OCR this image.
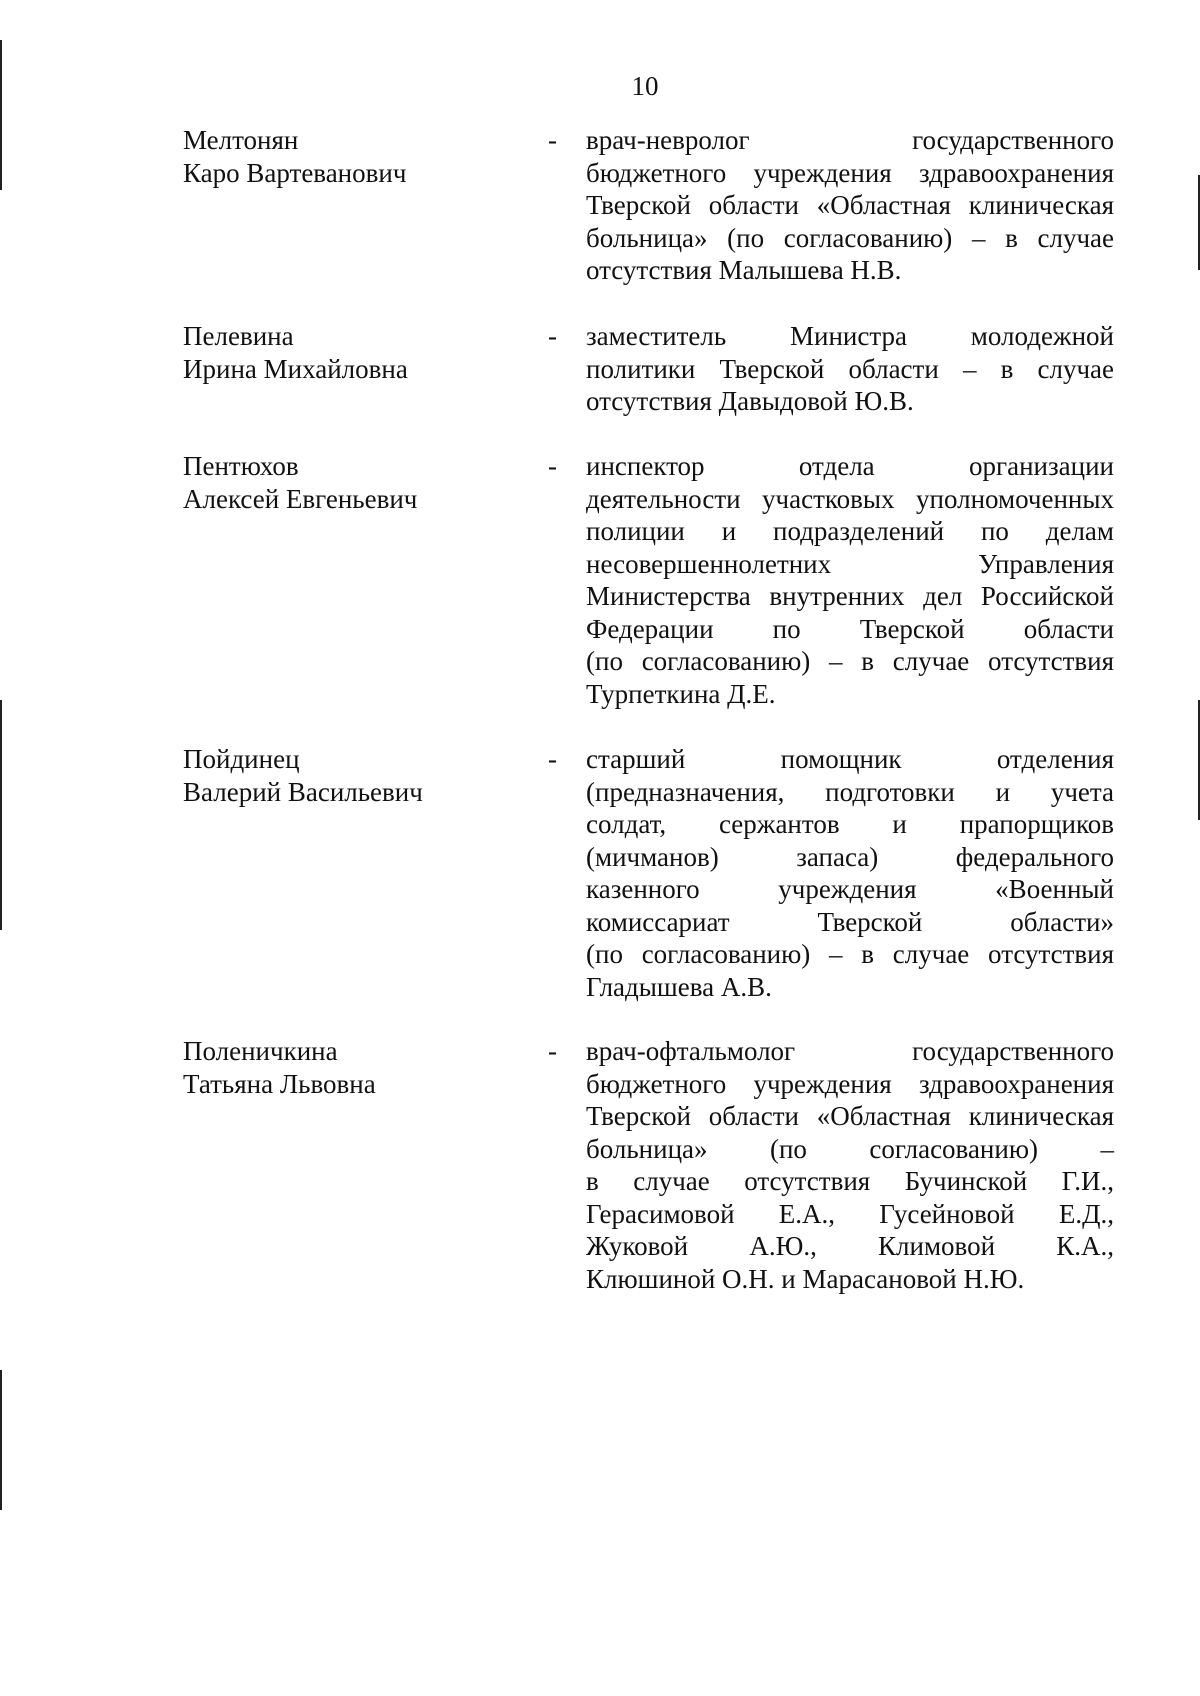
10
Мелтонян
Каро Вартеванович
- врач-невролог государственного
бюджетного учреждения здравоохранения
Тверской области «Областная клиническая
больница» (по согласованию) – в случае
отсутствия Малышева Н.В.
Пелевина
Ирина Михайловна
- заместитель Министра молодежной
политики Тверской области – в случае
отсутствия Давыдовой Ю.В.
Пентюхов
Алексей Евгеньевич
- инспектор отдела организации
деятельности участковых уполномоченных
полиции и подразделений по делам
несовершеннолетних Управления
Министерства внутренних дел Российской
Федерации по Тверской области
(по согласованию) – в случае отсутствия
Турпеткина Д.Е.
Пойдинец
Валерий Васильевич
- старший помощник отделения
(предназначения, подготовки и учета
солдат, сержантов и прапорщиков
(мичманов) запаса) федерального
казенного учреждения «Военный
комиссариат Тверской области»
(по согласованию) – в случае отсутствия
Гладышева А.В.
Поленичкина
Татьяна Львовна
- врач-офтальмолог государственного
бюджетного учреждения здравоохранения
Тверской области «Областная клиническая
больница» (по согласованию) –
в случае отсутствия Бучинской Г.И.,
Герасимовой Е.А., Гусейновой Е.Д.,
Жуковой А.Ю., Климовой К.А.,
Клюшиной О.Н. и Марасановой Н.Ю.
